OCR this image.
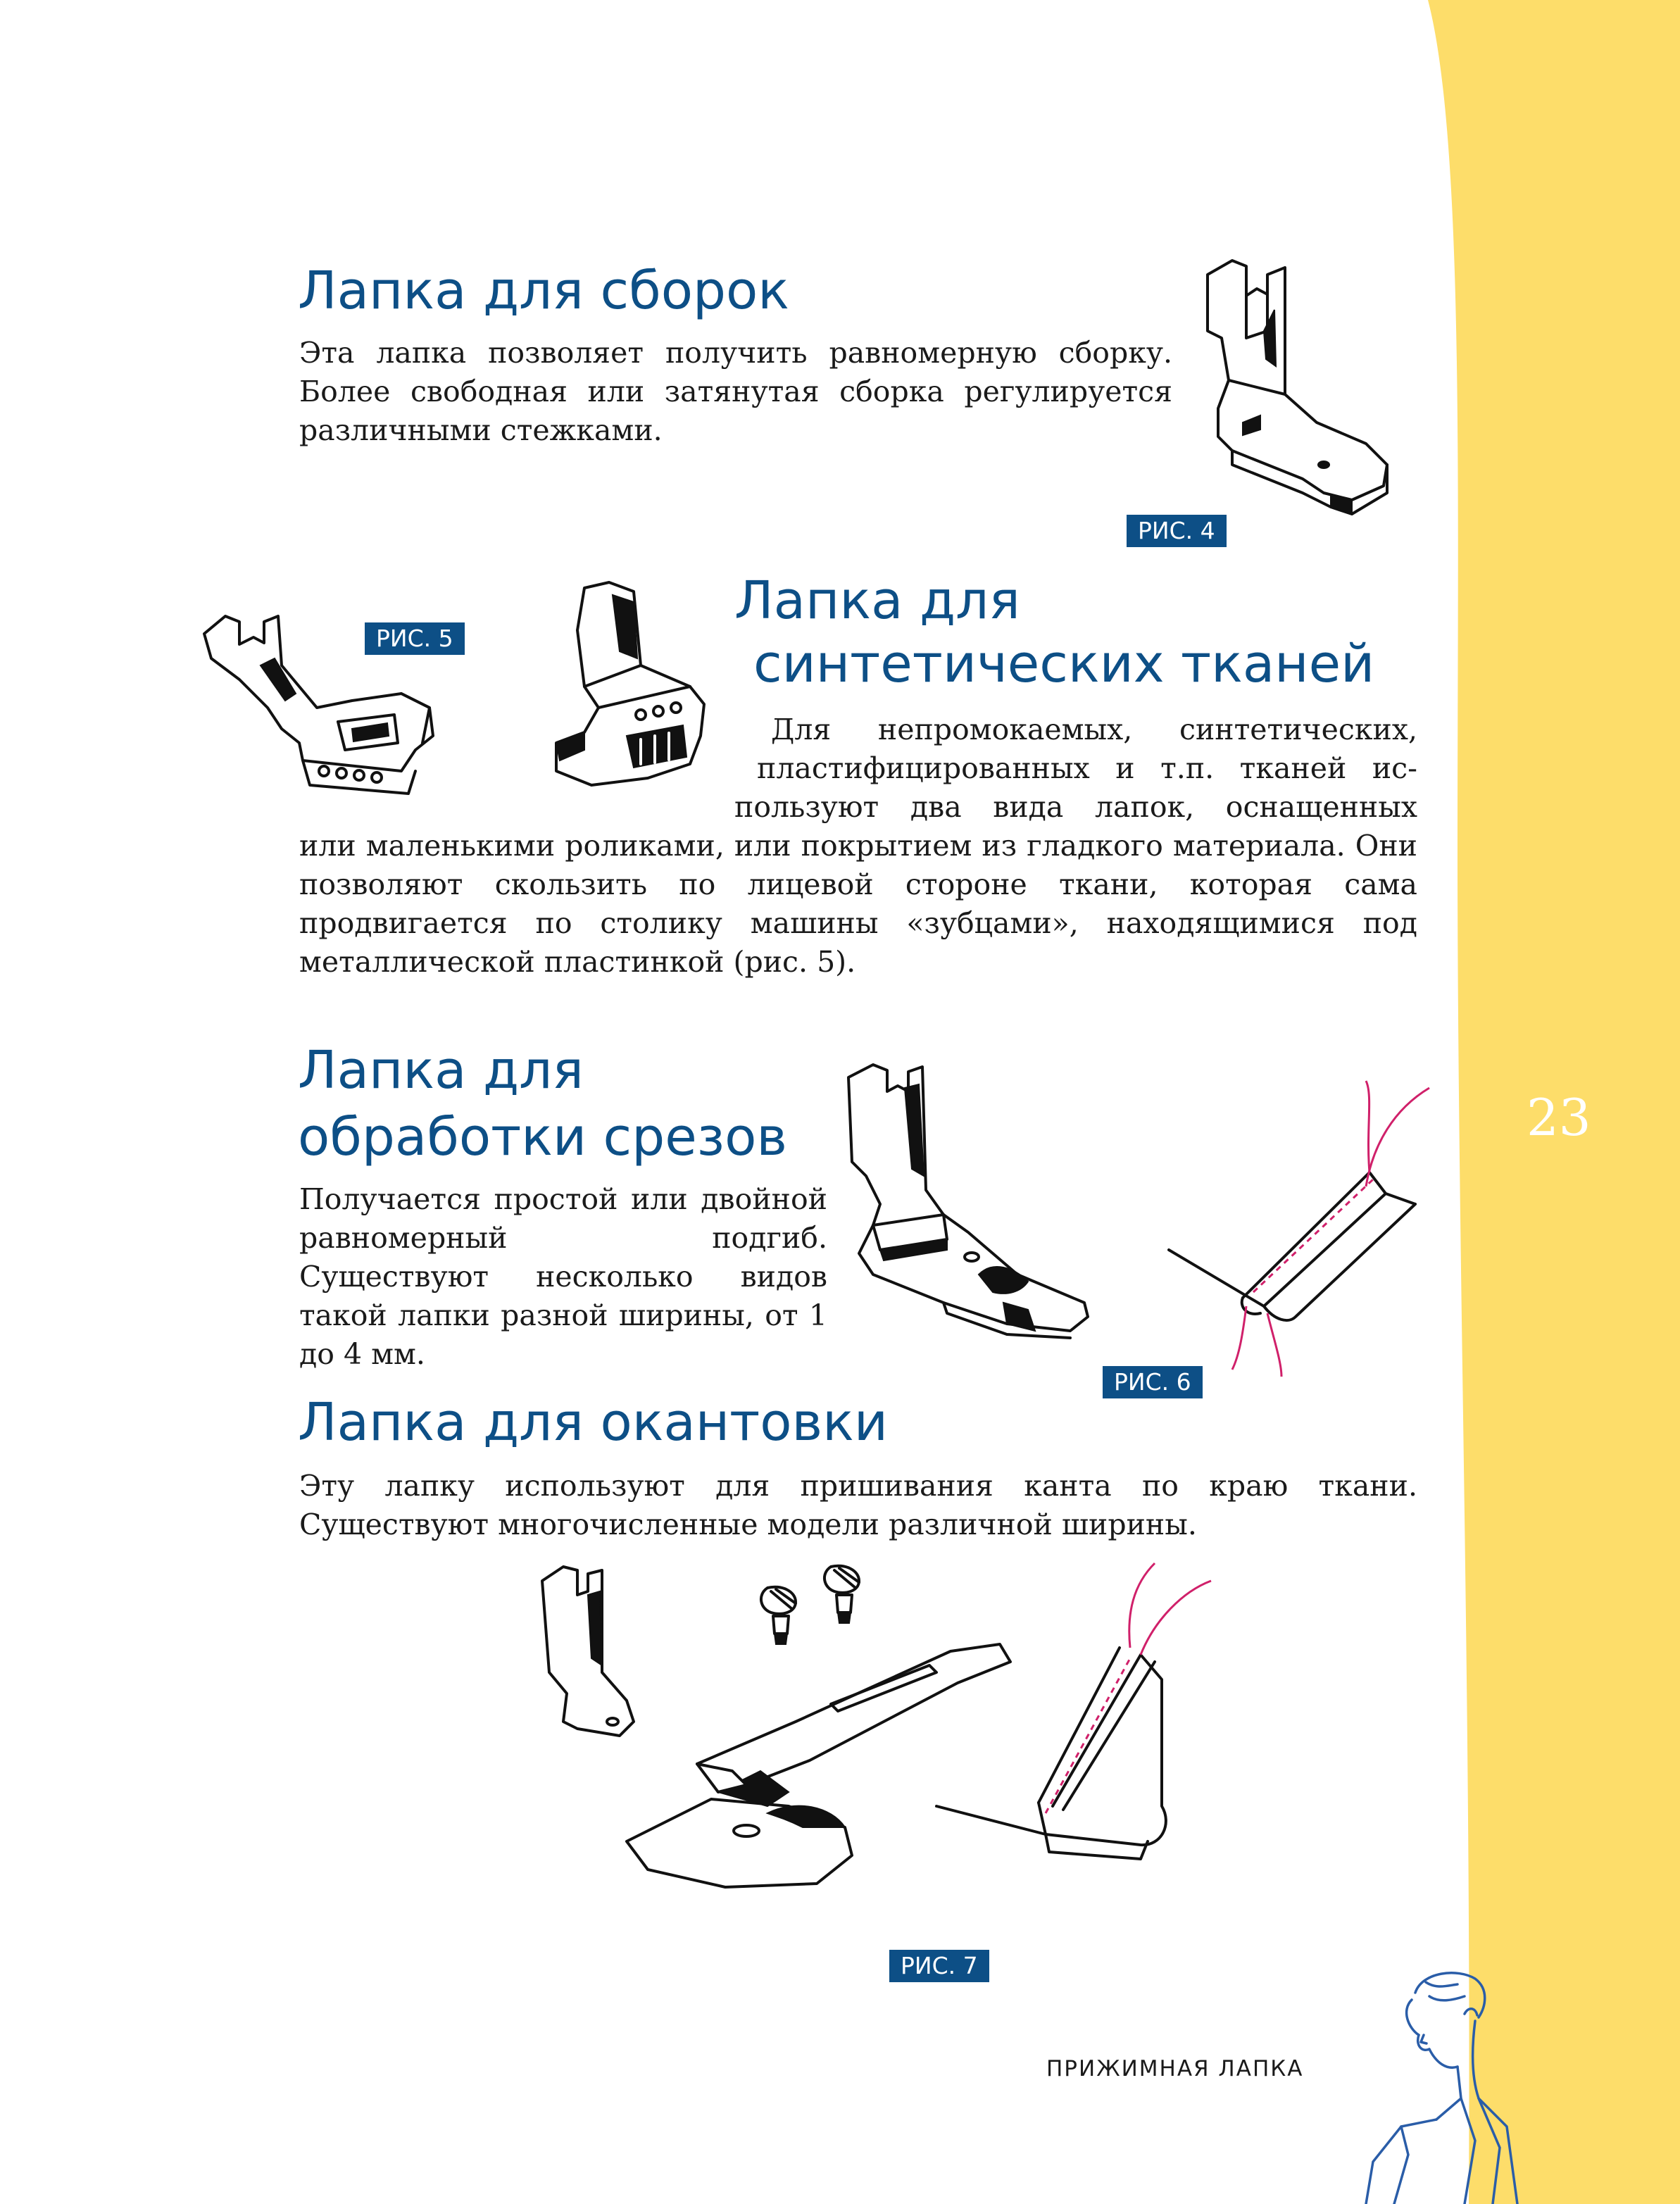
Лапка для сборок

Эта лапка позволяет получить равномерную сборку. Более свободная или затянутая сборка регулируется различными стежками.

РИС. 4
РИС. 5
Лапка для
синтетических тканей

Для непромокаемых, синтетических,

пластифицированных и т.п. тканей ис-

пользуют два вида лапок, оснащенных

или маленькими роликами, или покрытием из гладкого материала. Они позволяют скользить по лицевой стороне ткани, которая сама продвигается по столику машины «зубцами», находящимися под металлической пластинкой (рис. 5).

Лапка для
обработки срезов

Получается простой или двойной равномерный подгиб. Существуют несколько видов такой лапки разной ширины, от 1 до 4 мм.

РИС. 6
Лапка для окантовки

Эту лапку используют для пришивания канта по краю ткани. Существуют многочисленные модели различной ширины.

РИС. 7
23
ПРИЖИМНАЯ ЛАПКА
